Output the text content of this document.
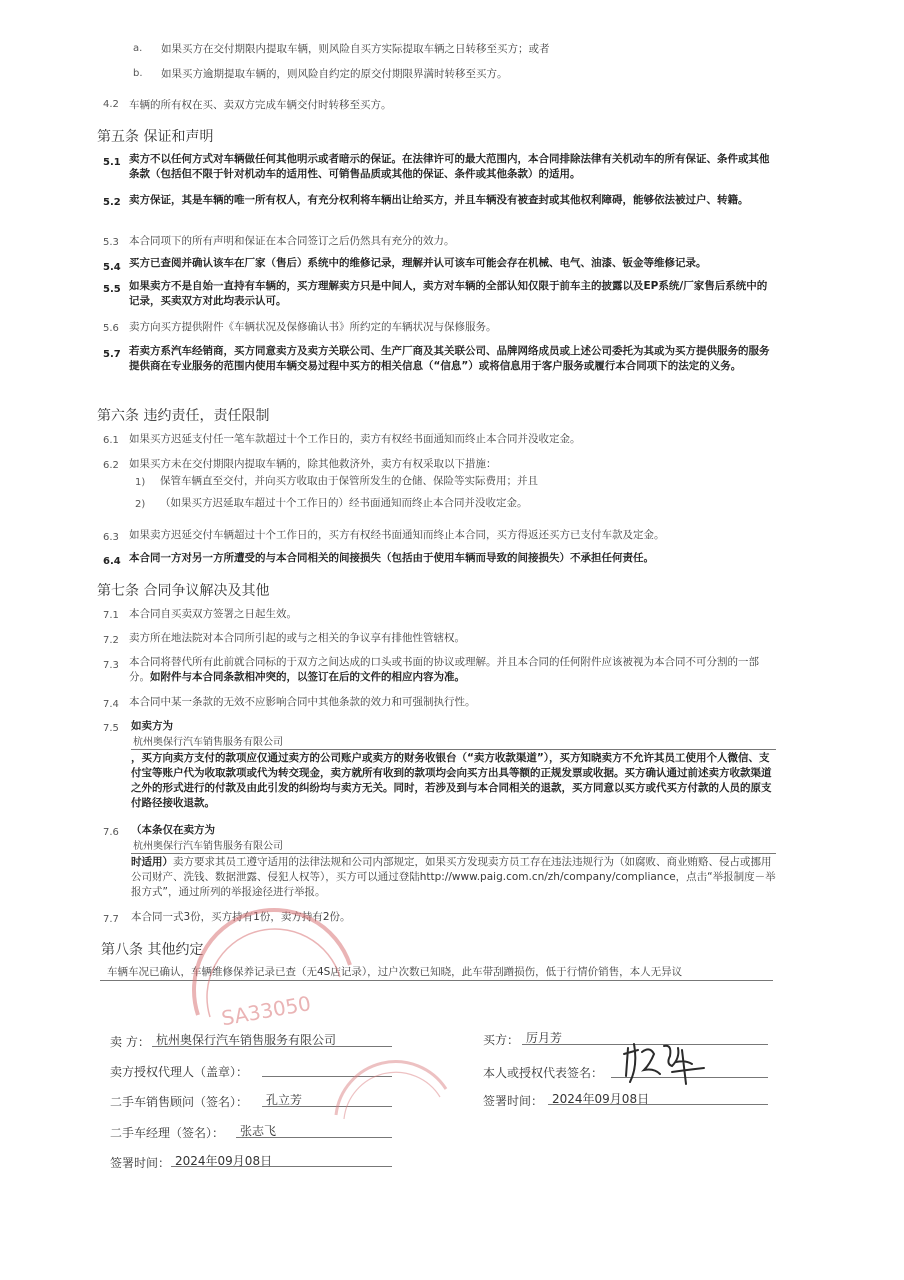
a. 如果买方在交付期限内提取车辆，则风险自买方实际提取车辆之日转移至买方；或者
b. 如果买方逾期提取车辆的，则风险自约定的原交付期限界满时转移至买方。
4.2 车辆的所有权在买、卖双方完成车辆交付时转移至买方。
第五条 保证和声明
5.1 卖方不以任何方式对车辆做任何其他明示或者暗示的保证。在法律许可的最大范围内，本合同排除法律有关机动车的所有保证、条件或其他条款（包括但不限于针对机动车的适用性、可销售品质或其他的保证、条件或其他条款）的适用。
5.2 卖方保证，其是车辆的唯一所有权人，有充分权利将车辆出让给买方，并且车辆没有被查封或其他权利障碍，能够依法被过户、转籍。
5.3 本合同项下的所有声明和保证在本合同签订之后仍然具有充分的效力。
5.4 买方已查阅并确认该车在厂家（售后）系统中的维修记录，理解并认可该车可能会存在机械、电气、油漆、钣金等维修记录。
5.5 如果卖方不是自始一直持有车辆的，买方理解卖方只是中间人，卖方对车辆的全部认知仅限于前车主的披露以及EP系统/厂家售后系统中的记录，买卖双方对此均表示认可。
5.6 卖方向买方提供附件《车辆状况及保修确认书》所约定的车辆状况与保修服务。
5.7 若卖方系汽车经销商，买方同意卖方及卖方关联公司、生产厂商及其关联公司、品牌网络成员或上述公司委托为其或为买方提供服务的服务提供商在专业服务的范围内使用车辆交易过程中买方的相关信息（“信息”）或将信息用于客户服务或履行本合同项下的法定的义务。
第六条 违约责任，责任限制
6.1 如果买方迟延支付任一笔车款超过十个工作日的，卖方有权经书面通知而终止本合同并没收定金。
6.2 如果买方未在交付期限内提取车辆的，除其他救济外，卖方有权采取以下措施：
1) 保管车辆直至交付，并向买方收取由于保管所发生的仓储、保险等实际费用；并且
2) （如果买方迟延取车超过十个工作日的）经书面通知而终止本合同并没收定金。
6.3 如果卖方迟延交付车辆超过十个工作日的，买方有权经书面通知而终止本合同，买方得返还买方已支付车款及定金。
6.4 本合同一方对另一方所遭受的与本合同相关的间接损失（包括由于使用车辆而导致的间接损失）不承担任何责任。
第七条 合同争议解决及其他
7.1 本合同自买卖双方签署之日起生效。
7.2 卖方所在地法院对本合同所引起的或与之相关的争议享有排他性管辖权。
7.3 本合同将替代所有此前就合同标的于双方之间达成的口头或书面的协议或理解。并且本合同的任何附件应该被视为本合同不可分割的一部分。如附件与本合同条款相冲突的，以签订在后的文件的相应内容为准。
7.4 本合同中某一条款的无效不应影响合同中其他条款的效力和可强制执行性。
7.5 如卖方为
杭州奥保行汽车销售服务有限公司
，买方向卖方支付的款项应仅通过卖方的公司账户或卖方的财务收银台（“卖方收款渠道”），买方知晓卖方不允许其员工使用个人微信、支付宝等账户代为收取款项或代为转交现金，卖方就所有收到的款项均会向买方出具等额的正规发票或收据。买方确认通过前述卖方收款渠道之外的形式进行的付款及由此引发的纠纷均与卖方无关。同时，若涉及到与本合同相关的退款，买方同意以买方或代买方付款的人员的原支付路径接收退款。
7.6 （本条仅在卖方为
杭州奥保行汽车销售服务有限公司
时适用）卖方要求其员工遵守适用的法律法规和公司内部规定，如果买方发现卖方员工存在违法违规行为（如腐败、商业贿赂、侵占或挪用公司财产、洗钱、数据泄露、侵犯人权等），买方可以通过登陆http://www.paig.com.cn/zh/company/compliance，点击“举报制度－举报方式”，通过所列的举报途径进行举报。
7.7 本合同一式3份，买方持有1份，卖方持有2份。
第八条 其他约定
车辆车况已确认，车辆维修保养记录已查（无4S店记录），过户次数已知晓，此车带刮蹭损伤，低于行情价销售，本人无异议
卖 方： 杭州奥保行汽车销售服务有限公司
卖方授权代理人（盖章）：
二手车销售顾问（签名）： 孔立芳
二手车经理（签名）： 张志飞
签署时间： 2024年09月08日
买方： 厉月芳
本人或授权代表签名：
签署时间： 2024年09月08日
SA33050
